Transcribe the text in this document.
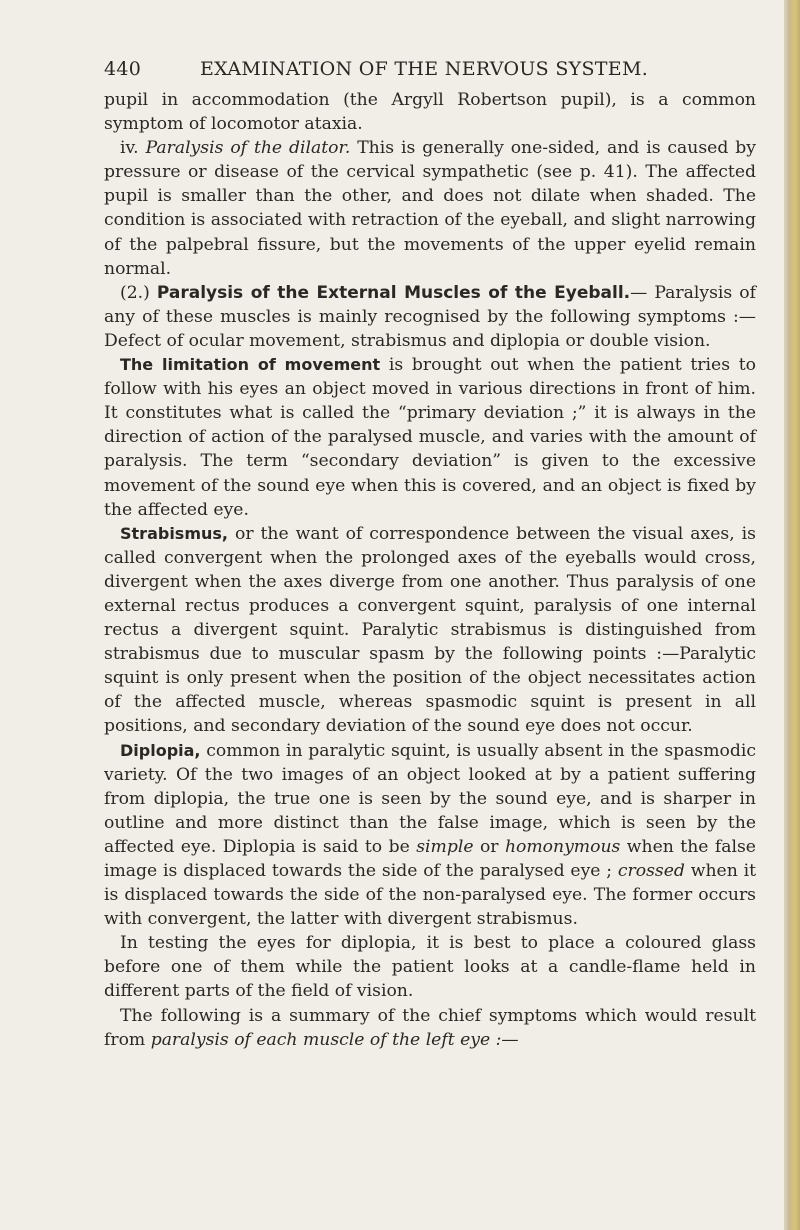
440	EXAMINATION OF THE NERVOUS SYSTEM.

pupil in accommodation (the Argyll Robertson pupil), is a common symptom of locomotor ataxia.

iv. Paralysis of the dilator. This is generally one-sided, and is caused by pressure or disease of the cervical sympathetic (see p. 41). The affected pupil is smaller than the other, and does not dilate when shaded. The condition is associated with retraction of the eyeball, and slight narrowing of the palpebral fissure, but the movements of the upper eyelid remain normal.

(2.) Paralysis of the External Muscles of the Eyeball.— Paralysis of any of these muscles is mainly recognised by the following symptoms :—Defect of ocular movement, strabismus and diplopia or double vision.

The limitation of movement is brought out when the patient tries to follow with his eyes an object moved in various directions in front of him. It constitutes what is called the “primary deviation ;” it is always in the direction of action of the paralysed muscle, and varies with the amount of paralysis. The term “secondary deviation” is given to the excessive movement of the sound eye when this is covered, and an object is fixed by the affected eye.

Strabismus, or the want of correspondence between the visual axes, is called convergent when the prolonged axes of the eyeballs would cross, divergent when the axes diverge from one another. Thus paralysis of one external rectus produces a convergent squint, paralysis of one internal rectus a divergent squint. Paralytic strabismus is distinguished from strabismus due to muscular spasm by the following points :—Paralytic squint is only present when the position of the object necessitates action of the affected muscle, whereas spasmodic squint is present in all positions, and secondary deviation of the sound eye does not occur.

Diplopia, common in paralytic squint, is usually absent in the spasmodic variety. Of the two images of an object looked at by a patient suffering from diplopia, the true one is seen by the sound eye, and is sharper in outline and more distinct than the false image, which is seen by the affected eye. Diplopia is said to be simple or homonymous when the false image is displaced towards the side of the paralysed eye ; crossed when it is displaced towards the side of the non-paralysed eye. The former occurs with convergent, the latter with divergent strabismus.

In testing the eyes for diplopia, it is best to place a coloured glass before one of them while the patient looks at a candle-flame held in different parts of the field of vision.

The following is a summary of the chief symptoms which would result from paralysis of each muscle of the left eye :—
